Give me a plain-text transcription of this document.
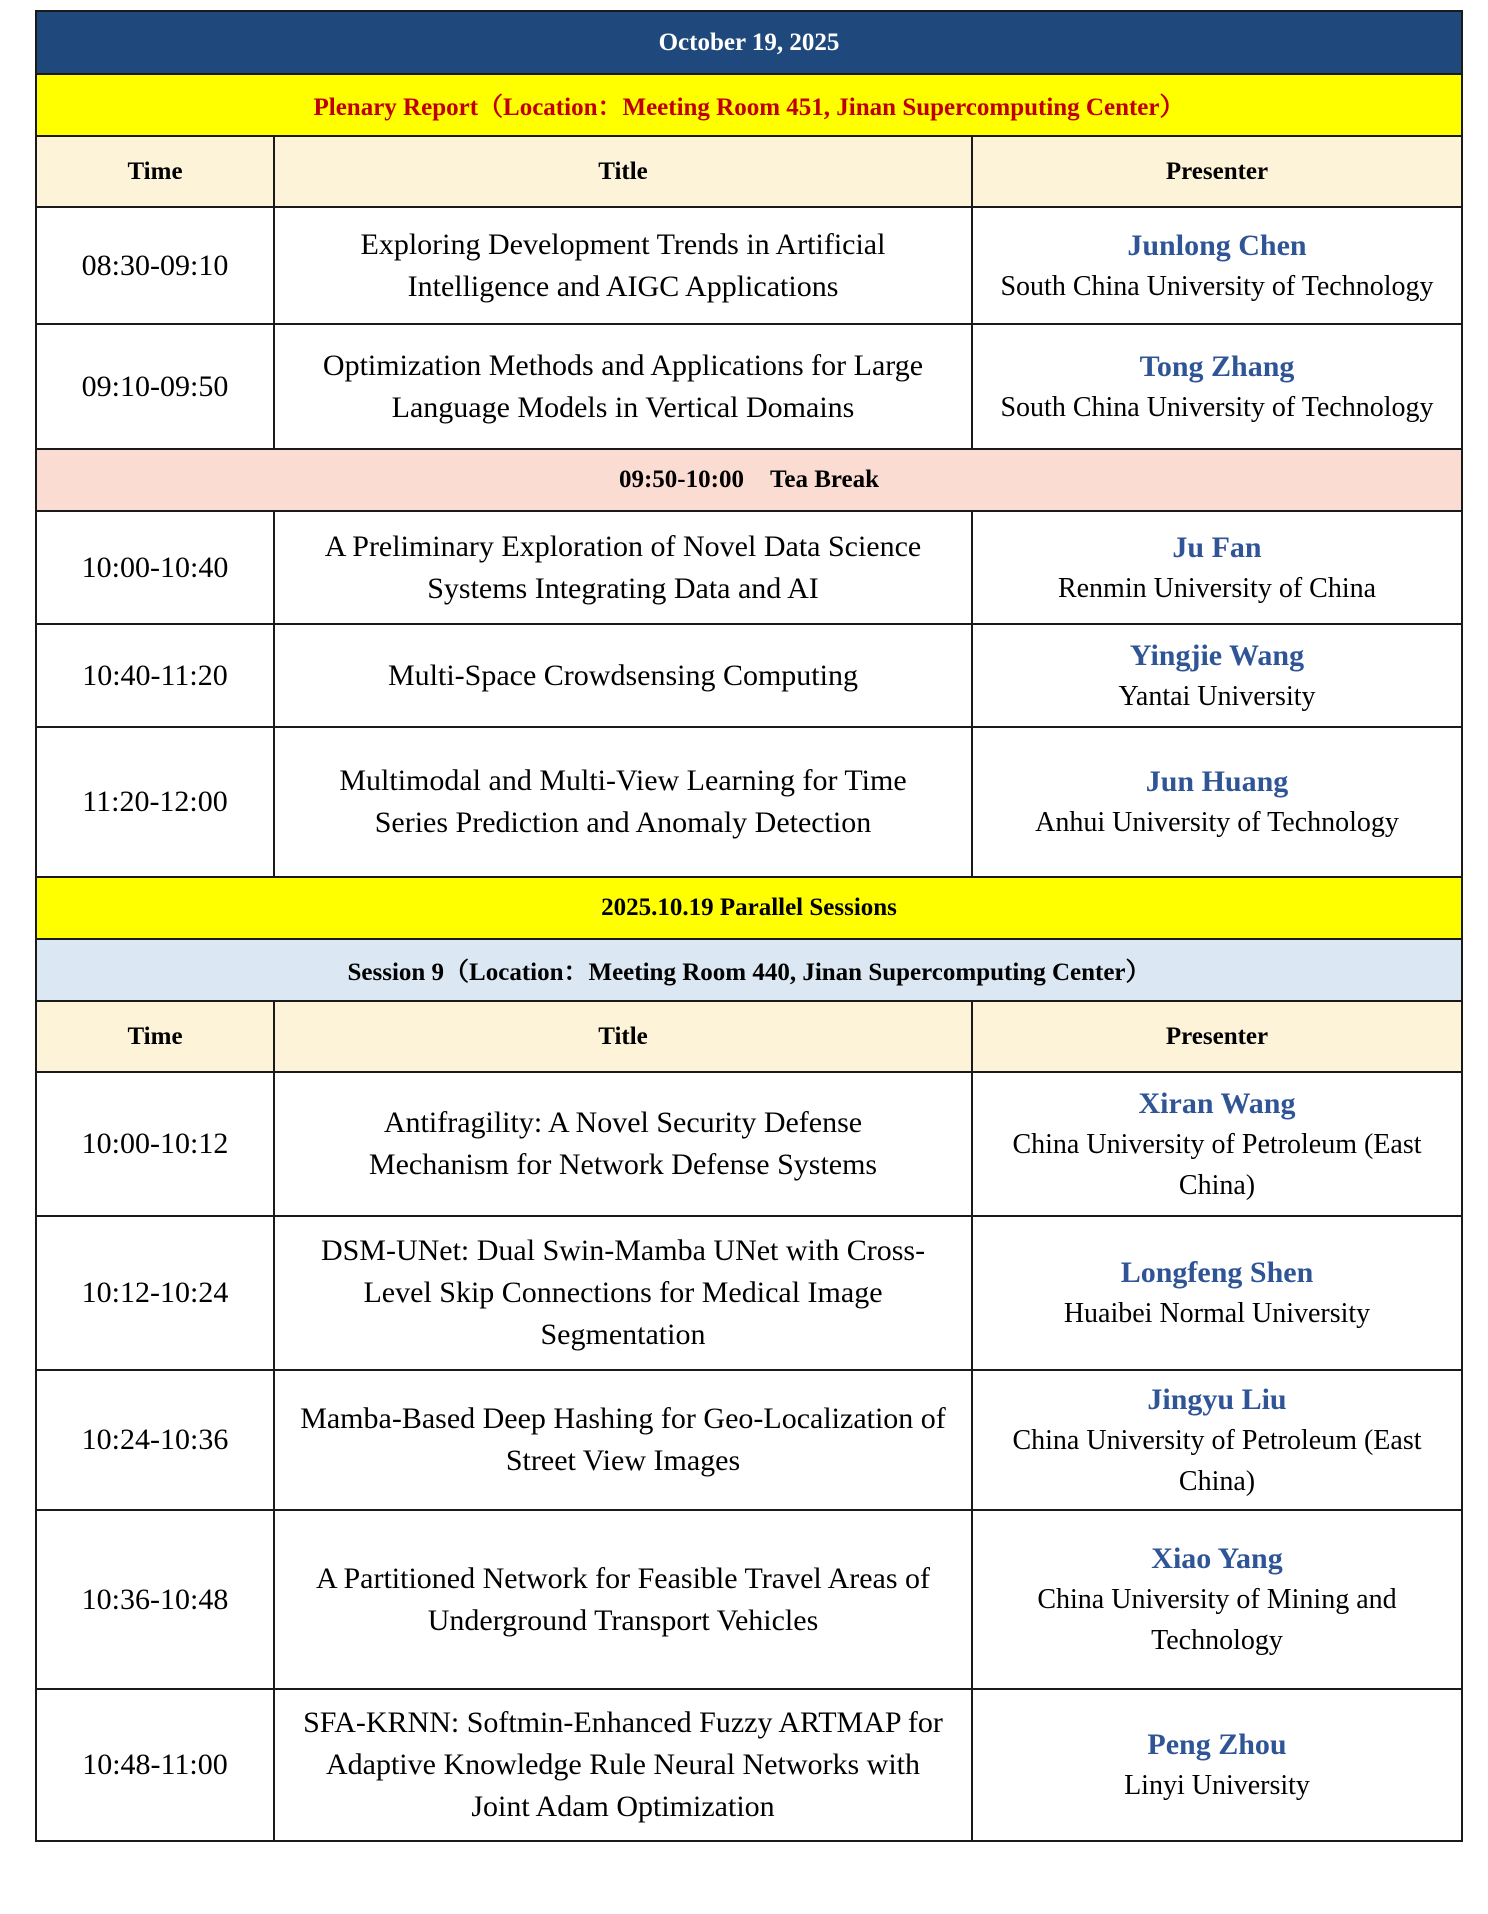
October 19, 2025		
Plenary Report（Location：Meeting Room 451, Jinan Supercomputing Center）		
Time	Title	Presenter
08:30-09:10	Exploring Development Trends in Artificial Intelligence and AIGC Applications	Junlong Chen
South China University of Technology

09:10-09:50	Optimization Methods and Applications for Large Language Models in Vertical Domains	Tong Zhang
South China University of Technology

09:50-10:00 Tea Break		
10:00-10:40	A Preliminary Exploration of Novel Data Science Systems Integrating Data and AI	Ju Fan
Renmin University of China

10:40-11:20	Multi-Space Crowdsensing Computing	Yingjie Wang
Yantai University

11:20-12:00	Multimodal and Multi-View Learning for Time Series Prediction and Anomaly Detection	Jun Huang
Anhui University of Technology

2025.10.19 Parallel Sessions		
Session 9（Location：Meeting Room 440, Jinan Supercomputing Center）		
Time	Title	Presenter
10:00-10:12	Antifragility: A Novel Security Defense Mechanism for Network Defense Systems	Xiran Wang
China University of Petroleum (East China)

10:12-10:24	DSM-UNet: Dual Swin-Mamba UNet with Cross-Level Skip Connections for Medical Image Segmentation	Longfeng Shen
Huaibei Normal University

10:24-10:36	Mamba-Based Deep Hashing for Geo-Localization of Street View Images	Jingyu Liu
China University of Petroleum (East China)

10:36-10:48	A Partitioned Network for Feasible Travel Areas of Underground Transport Vehicles	Xiao Yang
China University of Mining and Technology

10:48-11:00	SFA-KRNN: Softmin-Enhanced Fuzzy ARTMAP for Adaptive Knowledge Rule Neural Networks with Joint Adam Optimization	Peng Zhou
Linyi University
